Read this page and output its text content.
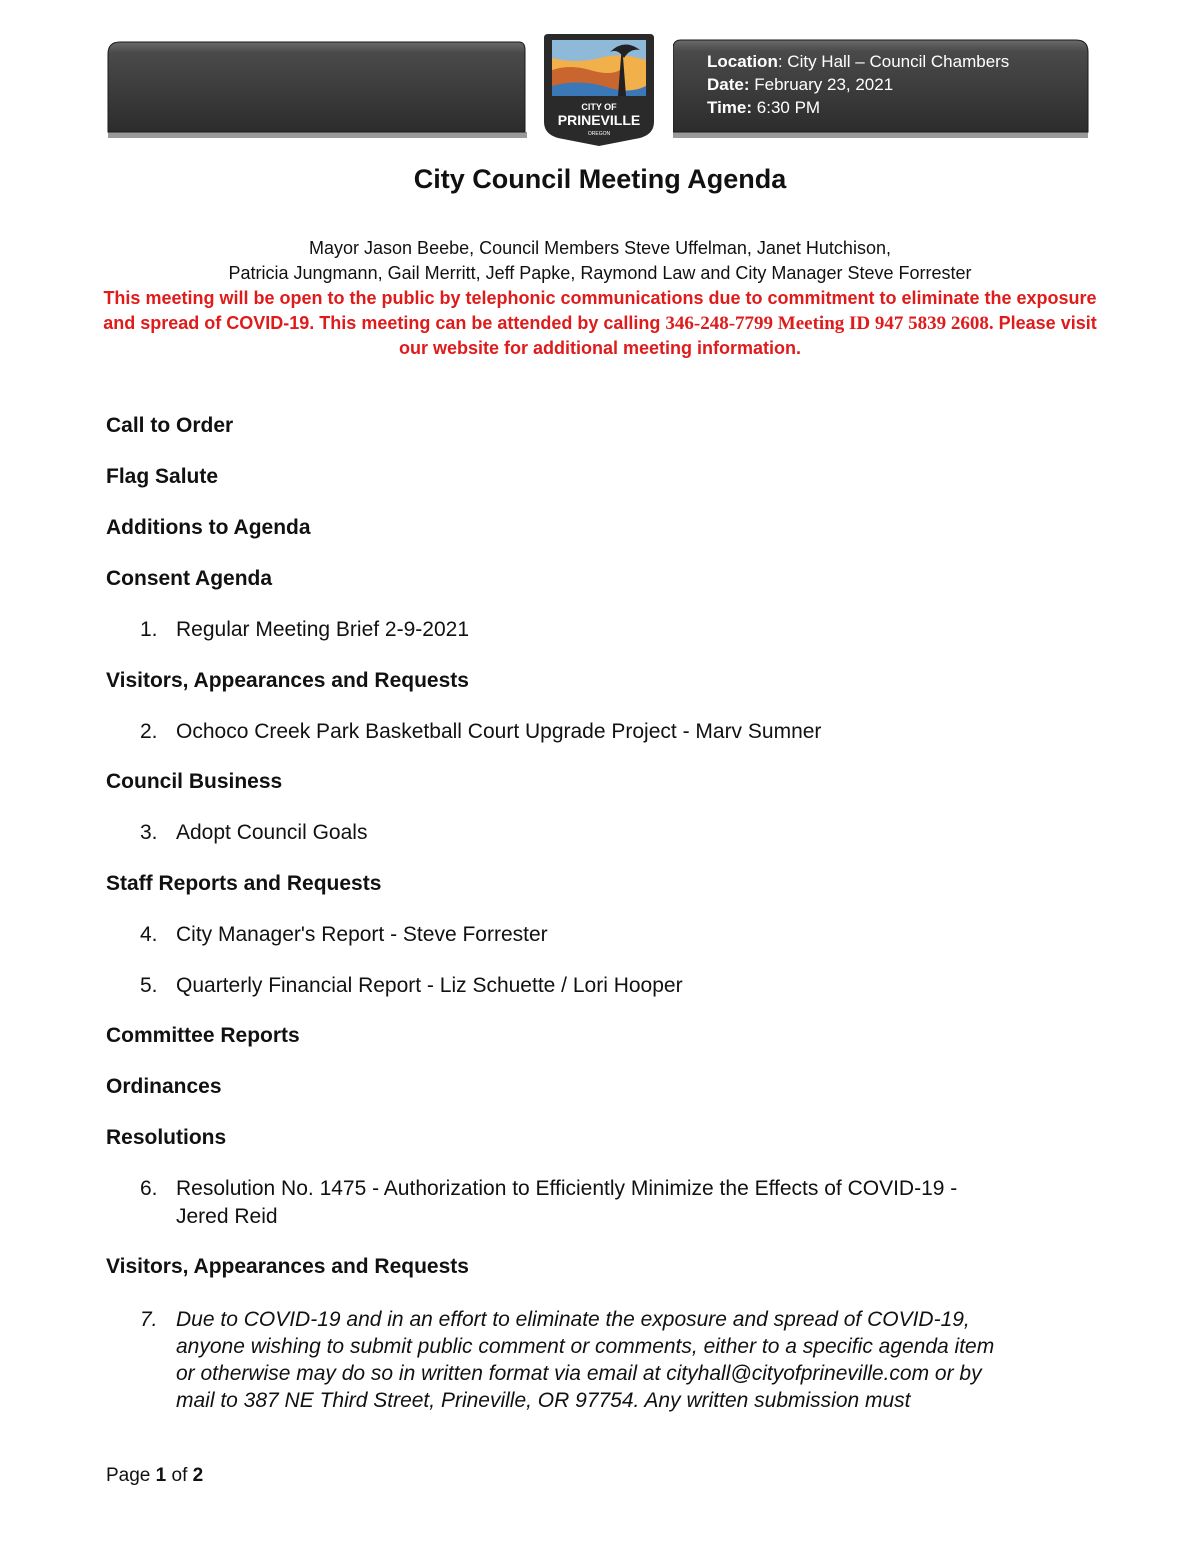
Location: City Hall – Council Chambers
Date: February 23, 2021
Time: 6:30 PM
CITY OF
PRINEVILLE
OREGON
City Council Meeting Agenda
Mayor Jason Beebe, Council Members Steve Uffelman, Janet Hutchison,
Patricia Jungmann, Gail Merritt, Jeff Papke, Raymond Law and City Manager Steve Forrester
This meeting will be open to the public by telephonic communications due to commitment to eliminate the exposure and spread of COVID-19. This meeting can be attended by calling 346-248-7799 Meeting ID 947 5839 2608. Please visit our website for additional meeting information.
Call to Order
Flag Salute
Additions to Agenda
Consent Agenda
1. Regular Meeting Brief 2-9-2021
Visitors, Appearances and Requests
2. Ochoco Creek Park Basketball Court Upgrade Project - Marv Sumner
Council Business
3. Adopt Council Goals
Staff Reports and Requests
4. City Manager's Report - Steve Forrester
5. Quarterly Financial Report - Liz Schuette / Lori Hooper
Committee Reports
Ordinances
Resolutions
6. Resolution No. 1475 - Authorization to Efficiently Minimize the Effects of COVID-19 -
Jered Reid
Visitors, Appearances and Requests
7. Due to COVID-19 and in an effort to eliminate the exposure and spread of COVID-19,
anyone wishing to submit public comment or comments, either to a specific agenda item
or otherwise may do so in written format via email at cityhall@cityofprineville.com or by
mail to 387 NE Third Street, Prineville, OR 97754. Any written submission must
Page 1 of 2
